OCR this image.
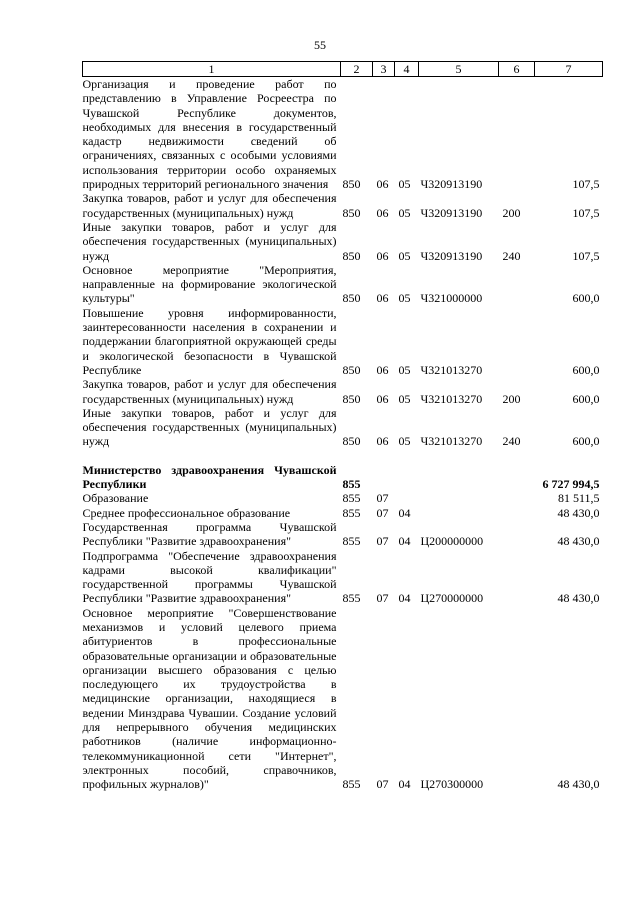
55
1	2	3	4	5	6	7
Организация и проведение работ по представлению в Управление Росреестра по Чувашской Республике документов, необходимых для внесения в государственный кадастр недвижимости сведений об ограничениях, связанных с особыми условиями использования территории особо охраняемых природных территорий регионального значения	850	06	05	Ч320913190		107,5
Закупка товаров, работ и услуг для обеспечения государственных (муниципальных) нужд	850	06	05	Ч320913190	200	107,5
Иные закупки товаров, работ и услуг для обеспечения государственных (муниципальных) нужд	850	06	05	Ч320913190	240	107,5
Основное мероприятие "Мероприятия, направленные на формирование экологической культуры"	850	06	05	Ч321000000		600,0
Повышение уровня информированности, заинтересованности населения в сохранении и поддержании благоприятной окружающей среды и экологической безопасности в Чувашской Республике	850	06	05	Ч321013270		600,0
Закупка товаров, работ и услуг для обеспечения государственных (муниципальных) нужд	850	06	05	Ч321013270	200	600,0
Иные закупки товаров, работ и услуг для обеспечения государственных (муниципальных) нужд	850	06	05	Ч321013270	240	600,0

Министерство здравоохранения Чувашской Республики	855					6 727 994,5
Образование	855	07				81 511,5
Среднее профессиональное образование	855	07	04			48 430,0
Государственная программа Чувашской Республики "Развитие здравоохранения"	855	07	04	Ц200000000		48 430,0
Подпрограмма "Обеспечение здравоохранения кадрами высокой квалификации" государственной программы Чувашской Республики "Развитие здравоохранения"	855	07	04	Ц270000000		48 430,0
Основное мероприятие "Совершенствование механизмов и условий целевого приема абитуриентов в профессиональные образовательные организации и образовательные организации высшего образования с целью последующего их трудоустройства в медицинские организации, находящиеся в ведении Минздрава Чувашии. Создание условий для непрерывного обучения медицинских работников (наличие информационно-телекоммуникационной сети "Интернет", электронных пособий, справочников, профильных журналов)"	855	07	04	Ц270300000		48 430,0
